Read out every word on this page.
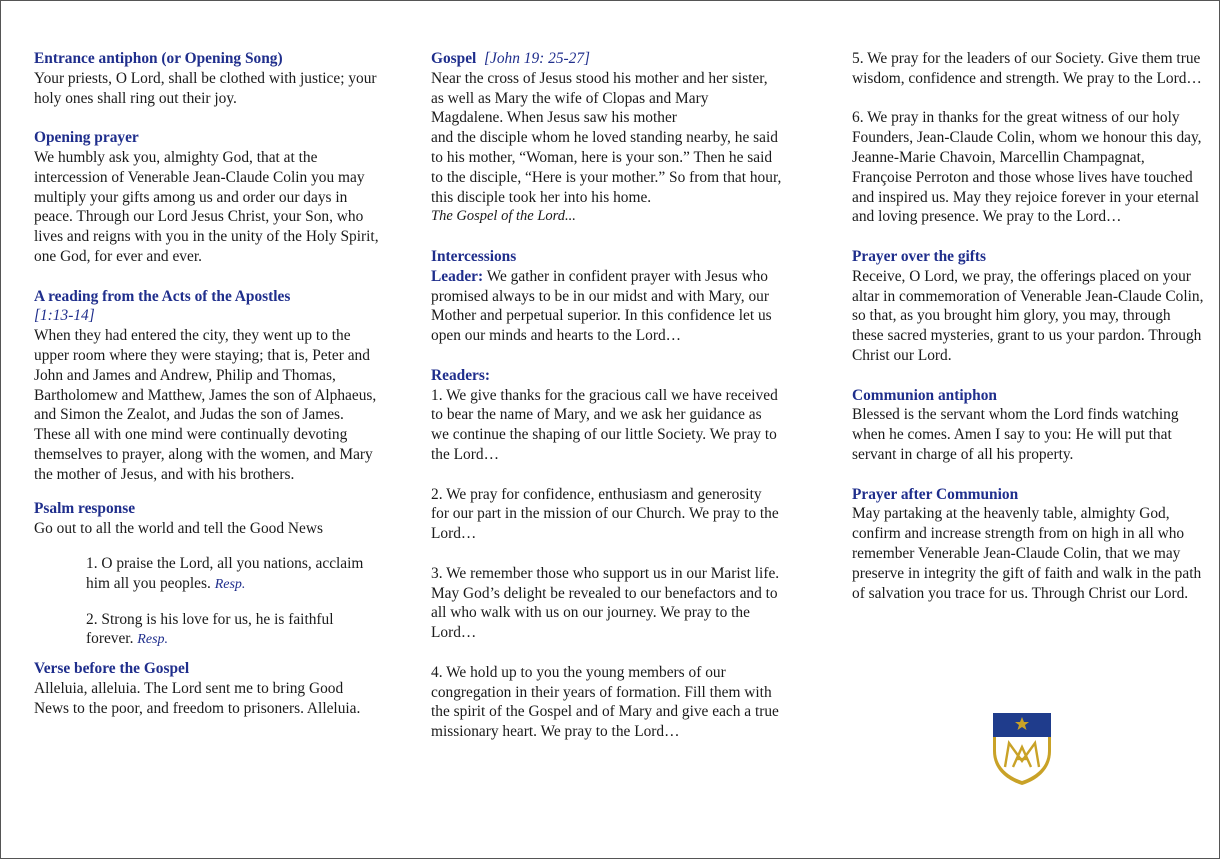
Entrance antiphon (or Opening Song)
Your priests, O Lord, shall be clothed with justice; your holy ones shall ring out their joy.
Opening prayer
We humbly ask you, almighty God, that at the intercession of Venerable Jean-Claude Colin you may multiply your gifts among us and order our days in peace. Through our Lord Jesus Christ, your Son, who lives and reigns with you in the unity of the Holy Spirit, one God, for ever and ever.
A reading from the Acts of the Apostles
[1:13-14]
When they had entered the city, they went up to the upper room where they were staying; that is, Peter and John and James and Andrew, Philip and Thomas, Bartholomew and Matthew, James the son of Alphaeus, and Simon the Zealot, and Judas the son of James. These all with one mind were continually devoting themselves to prayer, along with the women, and Mary the mother of Jesus, and with his brothers.
Psalm response
Go out to all the world and tell the Good News
1. O praise the Lord, all you nations, acclaim him all you peoples. Resp.
2. Strong is his love for us, he is faithful forever. Resp.
Verse before the Gospel
Alleluia, alleluia. The Lord sent me to bring Good News to the poor, and freedom to prisoners. Alleluia.
Gospel [John 19: 25-27]
Near the cross of Jesus stood his mother and her sister, as well as Mary the wife of Clopas and Mary Magdalene. When Jesus saw his mother
and the disciple whom he loved standing nearby, he said to his mother, “Woman, here is your son.” Then he said to the disciple, “Here is your mother.” So from that hour, this disciple took her into his home.
The Gospel of the Lord...
Intercessions
Leader: We gather in confident prayer with Jesus who promised always to be in our midst and with Mary, our Mother and perpetual superior. In this confidence let us open our minds and hearts to the Lord…
Readers:
1. We give thanks for the gracious call we have received to bear the name of Mary, and we ask her guidance as we continue the shaping of our little Society. We pray to the Lord…
2. We pray for confidence, enthusiasm and generosity for our part in the mission of our Church. We pray to the Lord…
3. We remember those who support us in our Marist life. May God’s delight be revealed to our benefactors and to all who walk with us on our journey. We pray to the Lord…
4. We hold up to you the young members of our congregation in their years of formation. Fill them with the spirit of the Gospel and of Mary and give each a true missionary heart. We pray to the Lord…
5. We pray for the leaders of our Society. Give them true wisdom, confidence and strength. We pray to the Lord…
6. We pray in thanks for the great witness of our holy Founders, Jean-Claude Colin, whom we honour this day, Jeanne-Marie Chavoin, Marcellin Champagnat, Françoise Perroton and those whose lives have touched and inspired us. May they rejoice forever in your eternal and loving presence. We pray to the Lord…
Prayer over the gifts
Receive, O Lord, we pray, the offerings placed on your altar in commemoration of Venerable Jean-Claude Colin, so that, as you brought him glory, you may, through these sacred mysteries, grant to us your pardon. Through Christ our Lord.
Communion antiphon
Blessed is the servant whom the Lord finds watching when he comes. Amen I say to you: He will put that servant in charge of all his property.
Prayer after Communion
May partaking at the heavenly table, almighty God, confirm and increase strength from on high in all who remember Venerable Jean-Claude Colin, that we may preserve in integrity the gift of faith and walk in the path of salvation you trace for us. Through Christ our Lord.
